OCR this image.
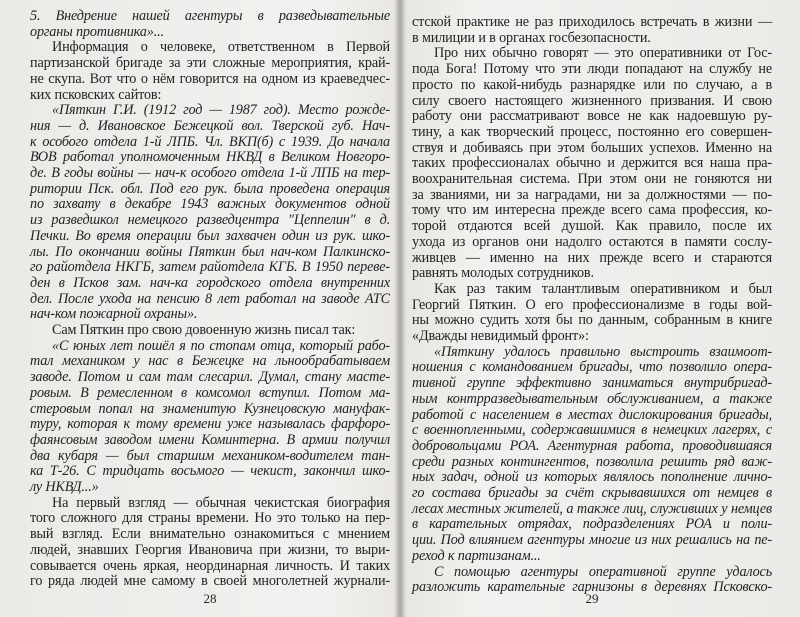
5. Внедрение нашей агентуры в разведывательные
органы противника»...
Информация о человеке, ответственном в Первой
партизанской бригаде за эти сложные мероприятия, край-
не скупа. Вот что о нём говорится на одном из краеведчес-
ких псковских сайтов:
«Пяткин Г.И. (1912 год — 1987 год). Место рожде-
ния — д. Ивановское Бежецкой вол. Тверской губ. Нач-
к особого отдела 1-й ЛПБ. Чл. ВКП(б) с 1939. До начала
ВОВ работал уполномоченным НКВД в Великом Новгоро-
де. В годы войны — нач-к особого отдела 1-й ЛПБ на тер-
ритории Пск. обл. Под его рук. была проведена операция
по захвату в декабре 1943 важных документов одной
из разведшкол немецкого разведцентра "Цеппелин" в д.
Печки. Во время операции был захвачен один из рук. шко-
лы. По окончании войны Пяткин был нач-ком Палкинско-
го райотдела НКГБ, затем райотдела КГБ. В 1950 перевe-
ден в Псков зам. нач-ка городского отдела внутренних
дел. После ухода на пенсию 8 лет работал на заводе АТС
нач-ком пожарной охраны».
Сам Пяткин про свою довоенную жизнь писал так:
«С юных лет пошёл я по стопам отца, который рабо-
тал механиком у нас в Бежецке на льнообрабатываем
заводе. Потом и сам там слесарил. Думал, стану масте-
ровым. В ремесленном в комсомол вступил. Потом ма-
стеровым попал на знаменитую Кузнецовскую мануфак-
туру, которая к тому времени уже называлась фарфоро-
фаянсовым заводом имени Коминтерна. В армии получил
два кубаря — был старшим механиком-водителем тан-
ка Т-26. С тридцать восьмого — чекист, закончил шко-
лу НКВД...»
На первый взгляд — обычная чекистская биография
того сложного для страны времени. Но это только на пер-
вый взгляд. Если внимательно ознакомиться с мнением
людей, знавших Георгия Ивановича при жизни, то выри-
совывается очень яркая, неординарная личность. И таких
го ряда людей мне самому в своей многолетней журнали-
28
стской практике не раз приходилось встречать в жизни —
в милиции и в органах госбезопасности.
Про них обычно говорят — это оперативники от Гос-
пода Бога! Потому что эти люди попадают на службу не
просто по какой-нибудь разнарядке или по случаю, а в
силу своего настоящего жизненного призвания. И свою
работу они рассматривают вовсе не как надоевшую ру-
тину, а как творческий процесс, постоянно его совершен-
ствуя и добиваясь при этом больших успехов. Именно на
таких профессионалах обычно и держится вся наша пра-
воохранительная система. При этом они не гоняются ни
за званиями, ни за наградами, ни за должностями — по-
тому что им интересна прежде всего сама профессия, ко-
торой отдаются всей душой. Как правило, после их
ухода из органов они надолго остаются в памяти сослу-
живцев — именно на них прежде всего и стараются
равнять молодых сотрудников.
Как раз таким талантливым оперативником и был
Георгий Пяткин. О его профессионализме в годы вой-
ны можно судить хотя бы по данным, собранным в книге
«Дважды невидимый фронт»:
«Пяткину удалось правильно выстроить взаимоот-
ношения с командованием бригады, что позволило опера-
тивной группе эффективно заниматься внутрибригад-
ным контрразведывательным обслуживанием, а также
работой с населением в местах дислокирования бригады,
с военнопленными, содержавшимися в немецких лагерях, с
добровольцами РОА. Агентурная работа, проводившаяся
среди разных контингентов, позволила решить ряд важ-
ных задач, одной из которых являлось пополнение лично-
го состава бригады за счёт скрывавшихся от немцев в
лесах местных жителей, а также лиц, служивших у немцев
в карательных отрядах, подразделениях РОА и поли-
ции. Под влиянием агентуры многие из них решались на пе-
реход к партизанам...
С помощью агентуры оперативной группе удалось
разложить карательные гарнизоны в деревнях Псковско-
29
